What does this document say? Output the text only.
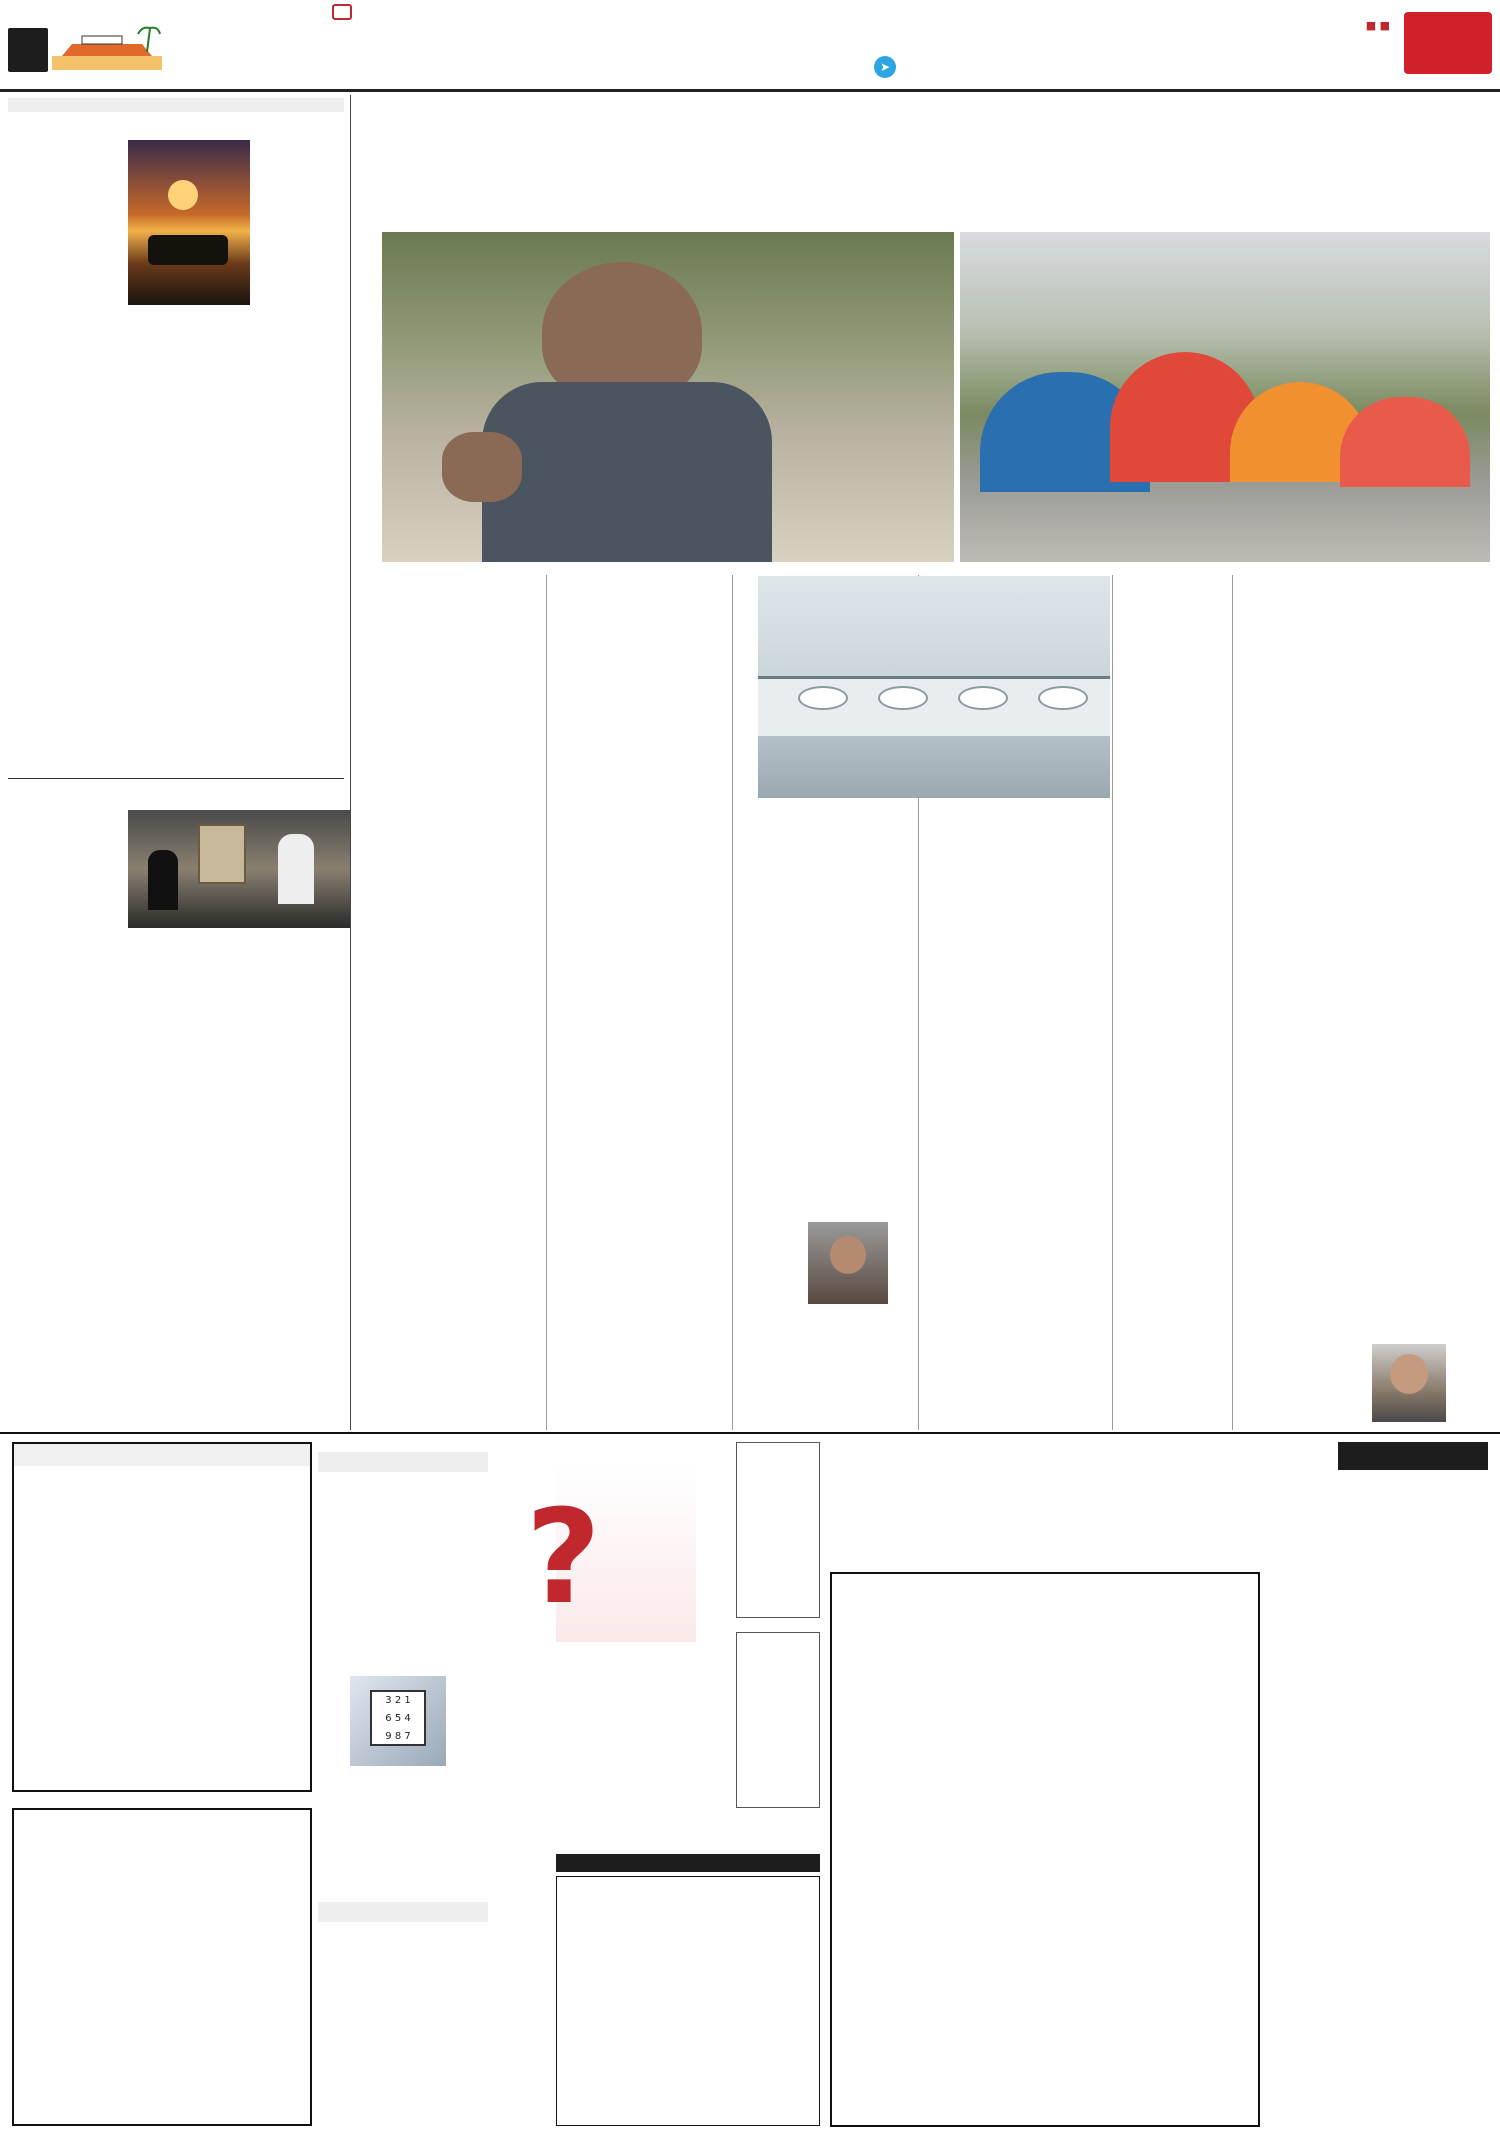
■ ■
➤

1 2 3
4 5 6
7 8 9
?
